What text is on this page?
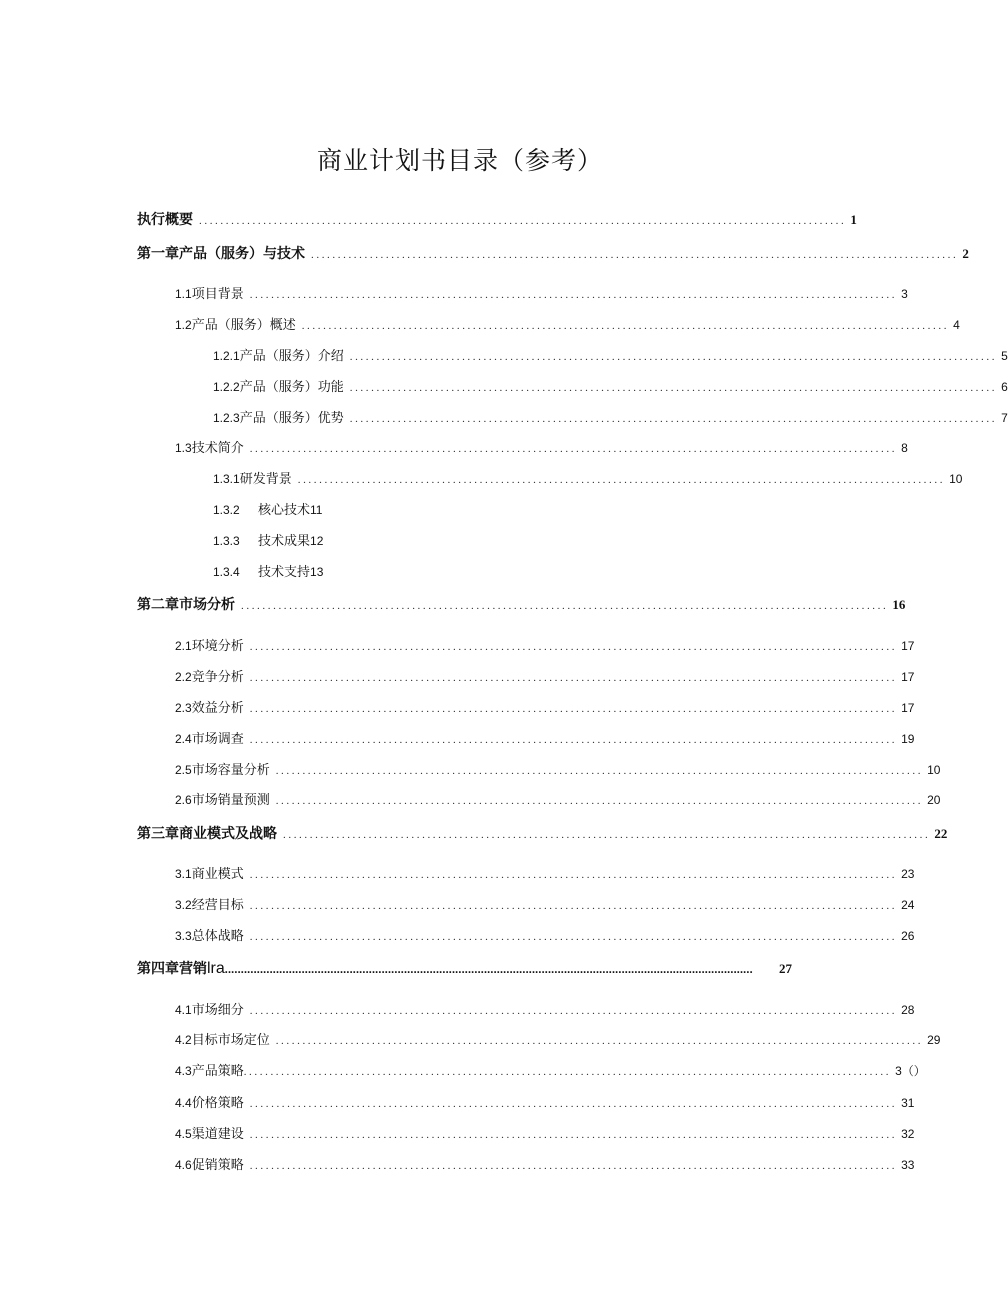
商业计划书目录（参考）
执行概要 ......................................................................................................................... 1
第一章产品（服务）与技术 ......................................................................................................................... 2
1.1 项目背景 ......................................................................................................................... 3
1.2 产品（服务）概述 ......................................................................................................................... 4
1.2.1 产品（服务）介绍 ......................................................................................................................... 5
1.2.2 产品（服务）功能 ......................................................................................................................... 6
1.2.3 产品（服务）优势 ......................................................................................................................... 7
1.3 技术简介 ......................................................................................................................... 8
1.3.1 研发背景 ......................................................................................................................... 10
1.3.2	核心技术 11
1.3.3	技术成果 12
1.3.4	技术支持 13
第二章市场分析 ......................................................................................................................... 16
2.1 环境分析 ......................................................................................................................... 17
2.2 竞争分析 ......................................................................................................................... 17
2.3 效益分析 ......................................................................................................................... 17
2.4 市场调查 ......................................................................................................................... 19
2.5 市场容量分析 ......................................................................................................................... 10
2.6 市场销量预测 ......................................................................................................................... 20
第三章商业模式及战略 ......................................................................................................................... 22
3.1 商业模式 ......................................................................................................................... 23
3.2 经营目标 ......................................................................................................................... 24
3.3 总体战略 ......................................................................................................................... 26
第四章营销 lra .....................................................................................................................................................................	27
4.1 市场细分 ......................................................................................................................... 28
4.2 目标市场定位 ......................................................................................................................... 29
4.3 产品策略 ......................................................................................................................... 3（）
4.4 价格策略 ......................................................................................................................... 31
4.5 渠道建设 ......................................................................................................................... 32
4.6 促销策略 ......................................................................................................................... 33
